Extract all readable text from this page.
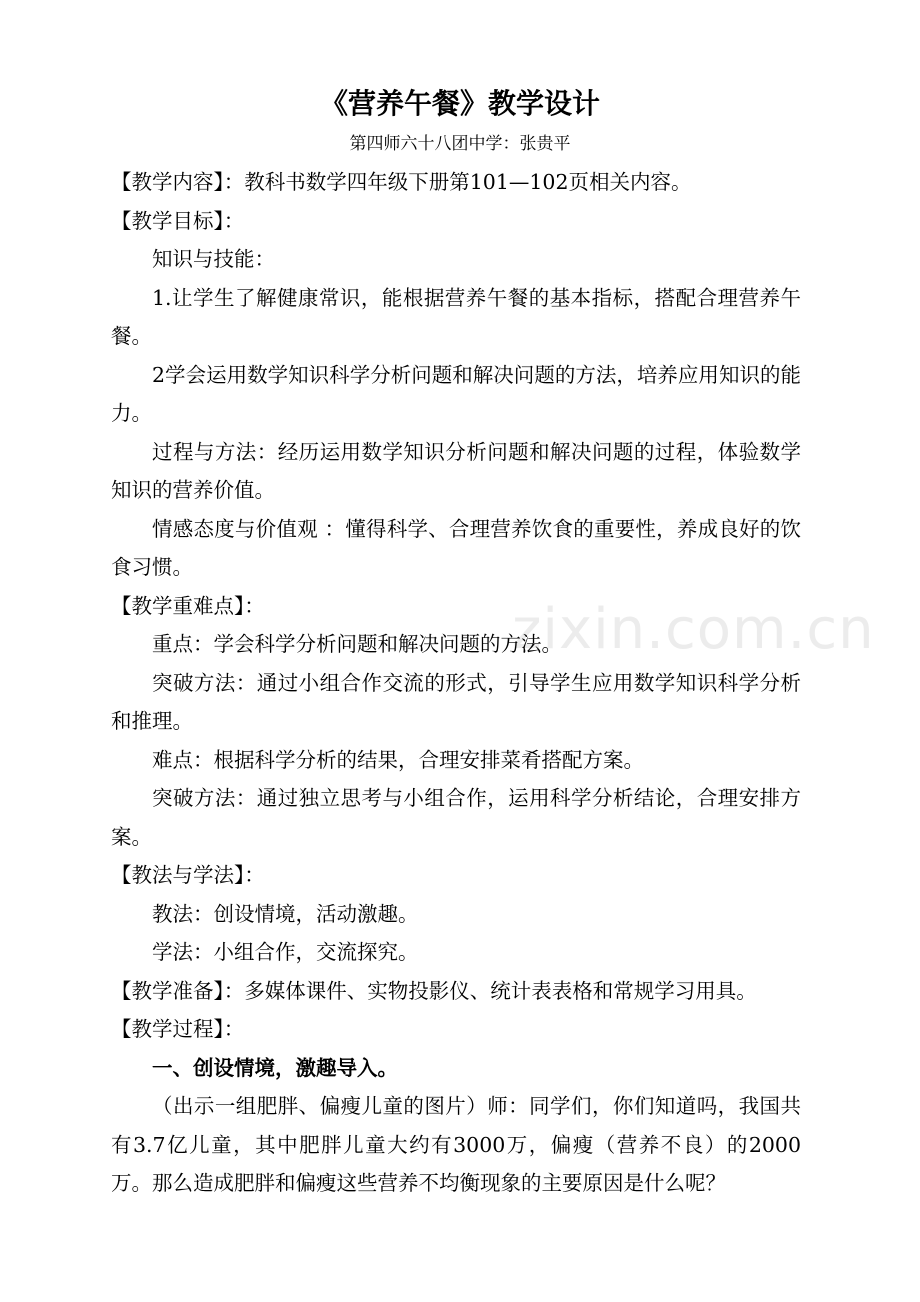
zixin.com.cn
《营养午餐》教学设计
第四师六十八团中学：张贵平

【教学内容】：教科书数学四年级下册第101—102页相关内容。

【教学目标】：

知识与技能：

1.让学生了解健康常识，能根据营养午餐的基本指标，搭配合理营养午餐。

2学会运用数学知识科学分析问题和解决问题的方法，培养应用知识的能力。

过程与方法：经历运用数学知识分析问题和解决问题的过程，体验数学知识的营养价值。

情感态度与价值观 ：懂得科学、合理营养饮食的重要性，养成良好的饮食习惯。

【教学重难点】：

重点：学会科学分析问题和解决问题的方法。

突破方法：通过小组合作交流的形式，引导学生应用数学知识科学分析和推理。

难点：根据科学分析的结果，合理安排菜肴搭配方案。

突破方法：通过独立思考与小组合作，运用科学分析结论，合理安排方案。

【教法与学法】：

教法：创设情境，活动激趣。

学法：小组合作，交流探究。

【教学准备】：多媒体课件、实物投影仪、统计表表格和常规学习用具。

【教学过程】：

一、创设情境，激趣导入。

（出示一组肥胖、偏瘦儿童的图片）师：同学们，你们知道吗，我国共有3.7亿儿童，其中肥胖儿童大约有3000万，偏瘦（营养不良）的2000万。那么造成肥胖和偏瘦这些营养不均衡现象的主要原因是什么呢？
